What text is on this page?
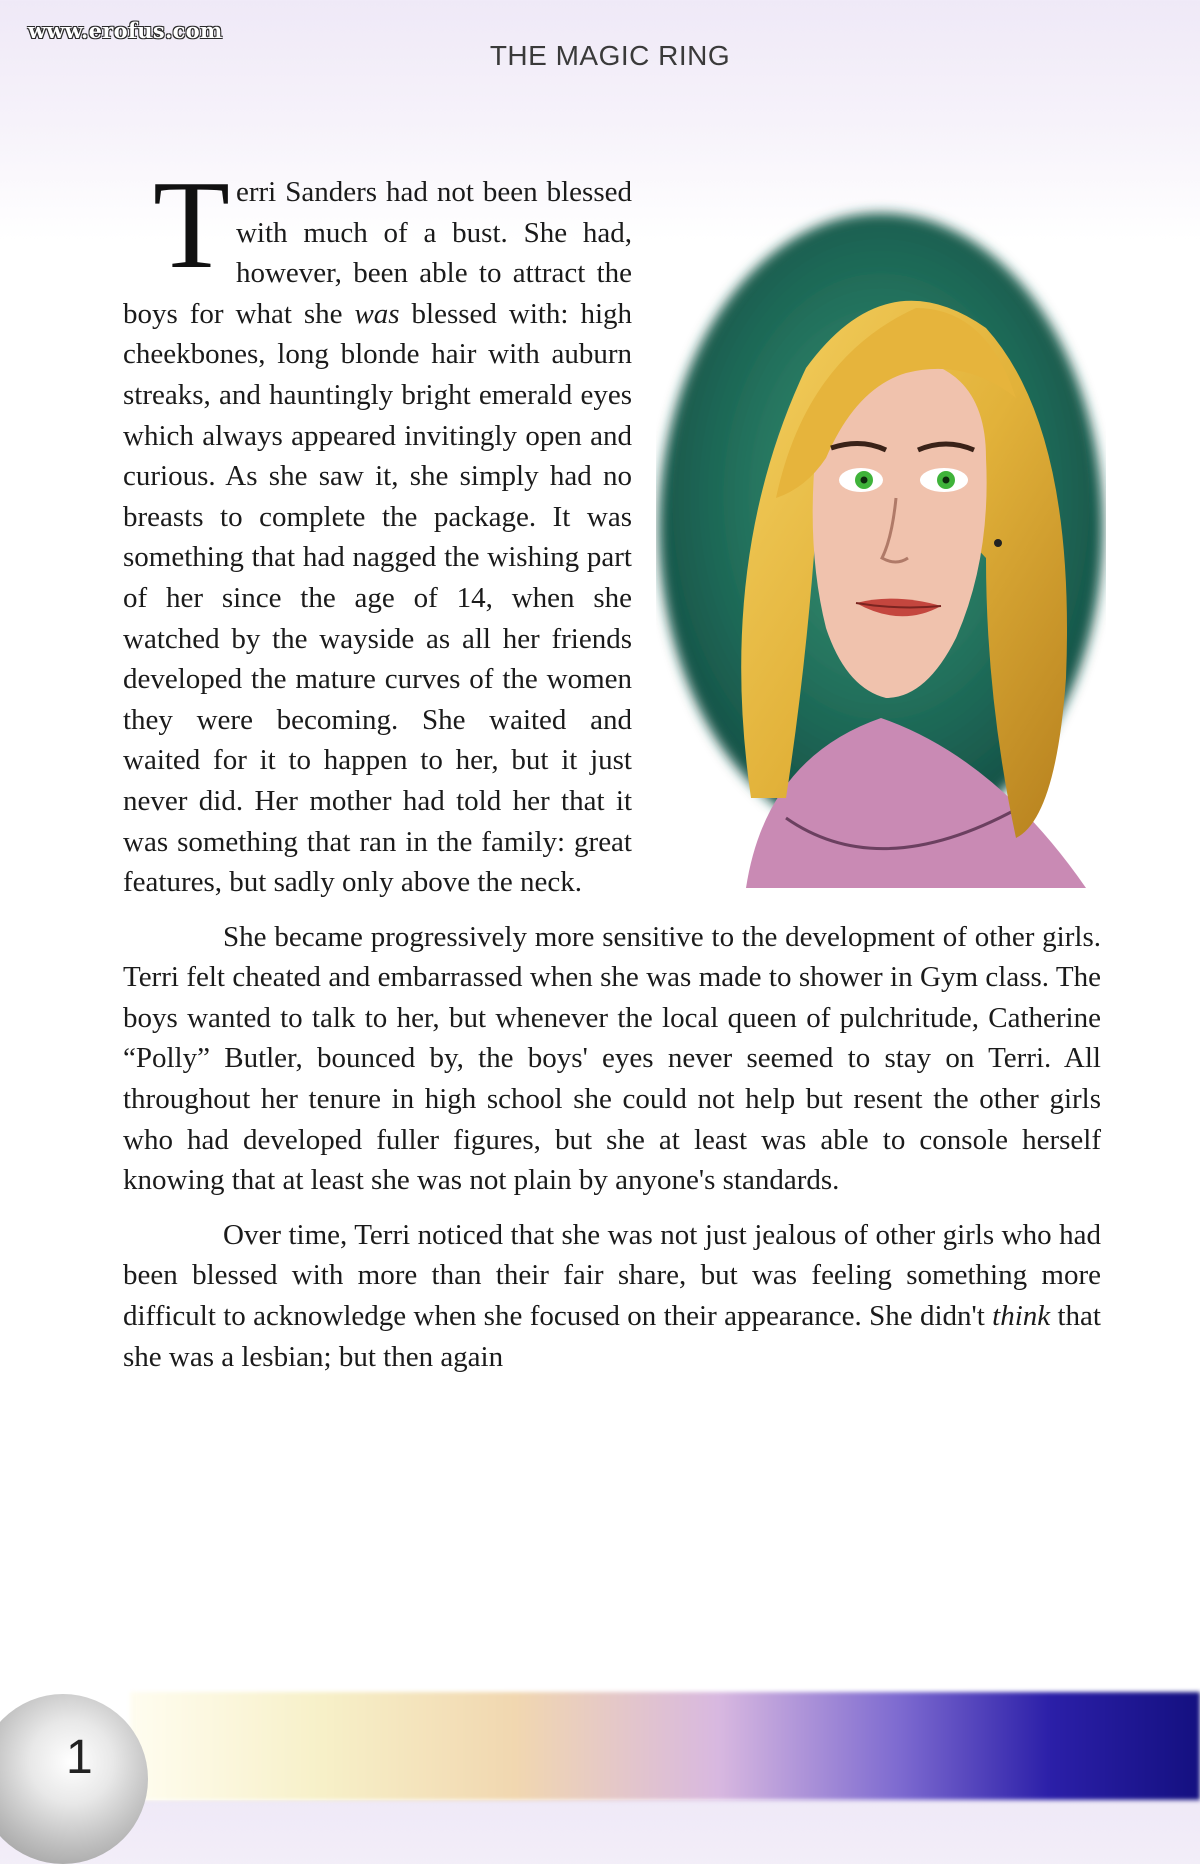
www.erofus.com
THE MAGIC RING
T erri Sanders had not been blessed with much of a bust. She had, however, been able to attract the boys for what she was blessed with: high cheekbones, long blonde hair with auburn streaks, and hauntingly bright emerald eyes which always appeared invitingly open and curious. As she saw it, she simply had no breasts to complete the package. It was something that had nagged the wishing part of her since the age of 14, when she watched by the wayside as all her friends developed the mature curves of the women they were becoming. She waited and waited for it to happen to her, but it just never did. Her mother had told her that it was something that ran in the family: great features, but sadly only above the neck.

She became progressively more sensitive to the development of other girls. Terri felt cheated and embarrassed when she was made to shower in Gym class. The boys wanted to talk to her, but whenever the local queen of pulchritude, Catherine “Polly” Butler, bounced by, the boys' eyes never seemed to stay on Terri. All throughout her tenure in high school she could not help but resent the other girls who had developed fuller figures, but she at least was able to console herself knowing that at least she was not plain by anyone's standards.

Over time, Terri noticed that she was not just jealous of other girls who had been blessed with more than their fair share, but was feeling something more difficult to acknowledge when she focused on their appearance. She didn't think that she was a lesbian; but then again

1
